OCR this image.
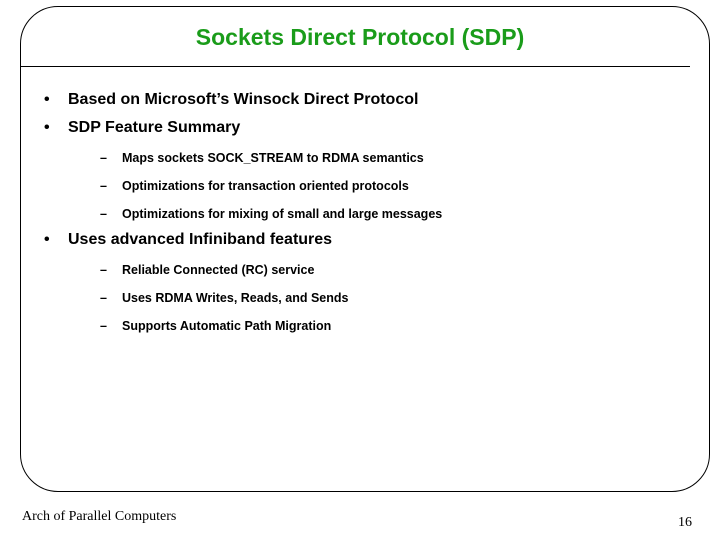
Sockets Direct Protocol (SDP)
• Based on Microsoft’s Winsock Direct Protocol
• SDP Feature Summary
– Maps sockets SOCK_STREAM to RDMA semantics
– Optimizations for transaction oriented protocols
– Optimizations for mixing of small and large messages
• Uses advanced Infiniband features
– Reliable Connected (RC) service
– Uses RDMA Writes, Reads, and Sends
– Supports Automatic Path Migration
Arch of Parallel Computers	16
